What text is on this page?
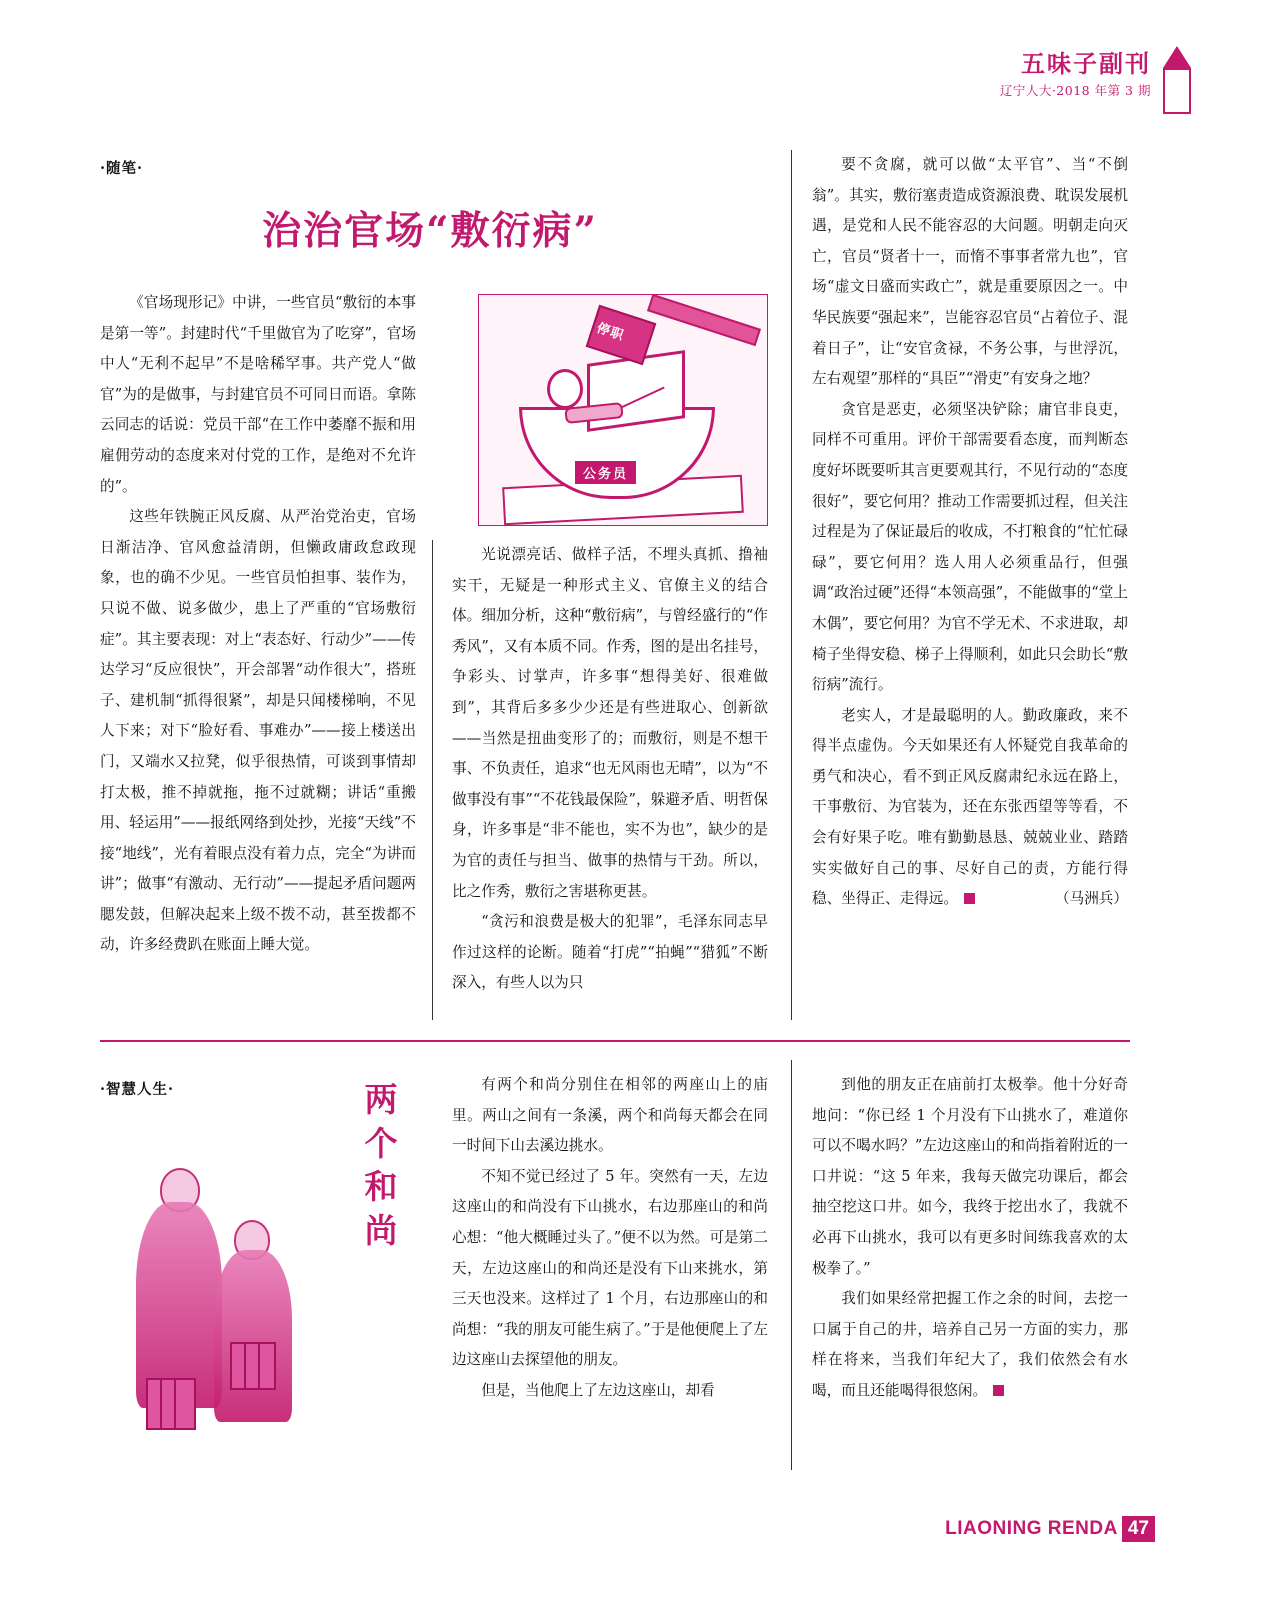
五味子副刊
辽宁人大·2018 年第 3 期
·随笔·
治治官场“敷衍病”
停职
公务员

《官场现形记》中讲，一些官员“敷衍的本事是第一等”。封建时代“千里做官为了吃穿”，官场中人“无利不起早”不是啥稀罕事。共产党人“做官”为的是做事，与封建官员不可同日而语。拿陈云同志的话说：党员干部“在工作中萎靡不振和用雇佣劳动的态度来对付党的工作，是绝对不允许的”。

这些年铁腕正风反腐、从严治党治吏，官场日渐洁净、官风愈益清朗，但懒政庸政怠政现象，也的确不少见。一些官员怕担事、装作为，只说不做、说多做少，患上了严重的“官场敷衍症”。其主要表现：对上“表态好、行动少”——传达学习“反应很快”，开会部署“动作很大”，搭班子、建机制“抓得很紧”，却是只闻楼梯响，不见人下来；对下“脸好看、事难办”——接上楼送出门，又端水又拉凳，似乎很热情，可谈到事情却打太极，推不掉就拖，拖不过就糊；讲话“重搬用、轻运用”——报纸网络到处抄，光接“天线”不接“地线”，光有着眼点没有着力点，完全“为讲而讲”；做事“有激动、无行动”——提起矛盾问题两腮发鼓，但解决起来上级不拨不动，甚至拨都不动，许多经费趴在账面上睡大觉。

光说漂亮话、做样子活，不埋头真抓、撸袖实干，无疑是一种形式主义、官僚主义的结合体。细加分析，这种“敷衍病”，与曾经盛行的“作秀风”，又有本质不同。作秀，图的是出名挂号，争彩头、讨掌声，许多事“想得美好、很难做到”，其背后多多少少还是有些进取心、创新欲——当然是扭曲变形了的；而敷衍，则是不想干事、不负责任，追求“也无风雨也无晴”，以为“不做事没有事”“不花钱最保险”，躲避矛盾、明哲保身，许多事是“非不能也，实不为也”，缺少的是为官的责任与担当、做事的热情与干劲。所以，比之作秀，敷衍之害堪称更甚。

“贪污和浪费是极大的犯罪”，毛泽东同志早作过这样的论断。随着“打虎”“拍蝇”“猎狐”不断深入，有些人以为只

要不贪腐，就可以做“太平官”、当“不倒翁”。其实，敷衍塞责造成资源浪费、耽误发展机遇，是党和人民不能容忍的大问题。明朝走向灭亡，官员“贤者十一，而惰不事事者常九也”，官场“虚文日盛而实政亡”，就是重要原因之一。中华民族要“强起来”，岂能容忍官员“占着位子、混着日子”，让“安官贪禄，不务公事，与世浮沉，左右观望”那样的“具臣”“滑吏”有安身之地？

贪官是恶吏，必须坚决铲除；庸官非良吏，同样不可重用。评价干部需要看态度，而判断态度好坏既要听其言更要观其行，不见行动的“态度很好”，要它何用？推动工作需要抓过程，但关注过程是为了保证最后的收成，不打粮食的“忙忙碌碌”，要它何用？选人用人必须重品行，但强调“政治过硬”还得“本领高强”，不能做事的“堂上木偶”，要它何用？为官不学无术、不求进取，却椅子坐得安稳、梯子上得顺利，如此只会助长“敷衍病”流行。

老实人，才是最聪明的人。勤政廉政，来不得半点虚伪。今天如果还有人怀疑党自我革命的勇气和决心，看不到正风反腐肃纪永远在路上，干事敷衍、为官装为，还在东张西望等等看，不会有好果子吃。唯有勤勤恳恳、兢兢业业、踏踏实实做好自己的事、尽好自己的责，方能行得稳、坐得正、走得远。	（马洲兵）

·智慧人生·	两个和尚

有两个和尚分别住在相邻的两座山上的庙里。两山之间有一条溪，两个和尚每天都会在同一时间下山去溪边挑水。

不知不觉已经过了 5 年。突然有一天，左边这座山的和尚没有下山挑水，右边那座山的和尚心想：“他大概睡过头了。”便不以为然。可是第二天，左边这座山的和尚还是没有下山来挑水，第三天也没来。这样过了 1 个月，右边那座山的和尚想：“我的朋友可能生病了。”于是他便爬上了左边这座山去探望他的朋友。

但是，当他爬上了左边这座山，却看

到他的朋友正在庙前打太极拳。他十分好奇地问：“你已经 1 个月没有下山挑水了，难道你可以不喝水吗？”左边这座山的和尚指着附近的一口井说：“这 5 年来，我每天做完功课后，都会抽空挖这口井。如今，我终于挖出水了，我就不必再下山挑水，我可以有更多时间练我喜欢的太极拳了。”

我们如果经常把握工作之余的时间，去挖一口属于自己的井，培养自己另一方面的实力，那样在将来，当我们年纪大了，我们依然会有水喝，而且还能喝得很悠闲。

LIAONING RENDA 47
